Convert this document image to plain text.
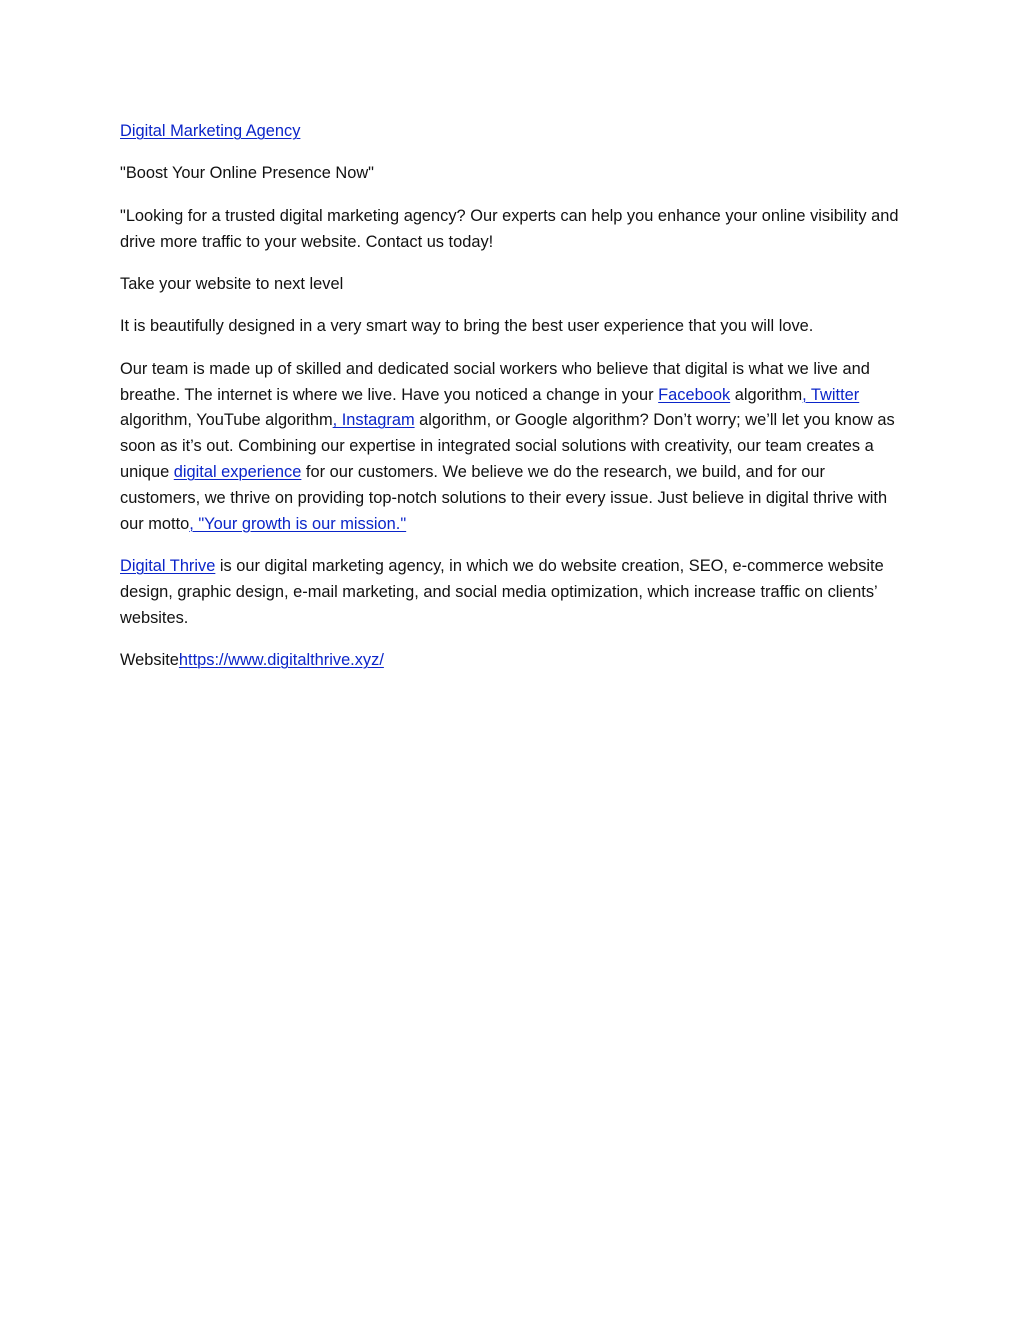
Digital Marketing Agency

"Boost Your Online Presence Now"

"Looking for a trusted digital marketing agency? Our experts can help you enhance your online visibility and drive more traffic to your website. Contact us today!

Take your website to next level

It is beautifully designed in a very smart way to bring the best user experience that you will love.

Our team is made up of skilled and dedicated social workers who believe that digital is what we live and breathe. The internet is where we live. Have you noticed a change in your Facebook algorithm, Twitter algorithm, YouTube algorithm, Instagram algorithm, or Google algorithm? Don’t worry; we’ll let you know as soon as it’s out. Combining our expertise in integrated social solutions with creativity, our team creates a unique digital experience for our customers. We believe we do the research, we build, and for our customers, we thrive on providing top-notch solutions to their every issue. Just believe in digital thrive with our motto, "Your growth is our mission."

Digital Thrive is our digital marketing agency, in which we do website creation, SEO, e-commerce website design, graphic design, e-mail marketing, and social media optimization, which increase traffic on clients’ websites.

Websitehttps://www.digitalthrive.xyz/
